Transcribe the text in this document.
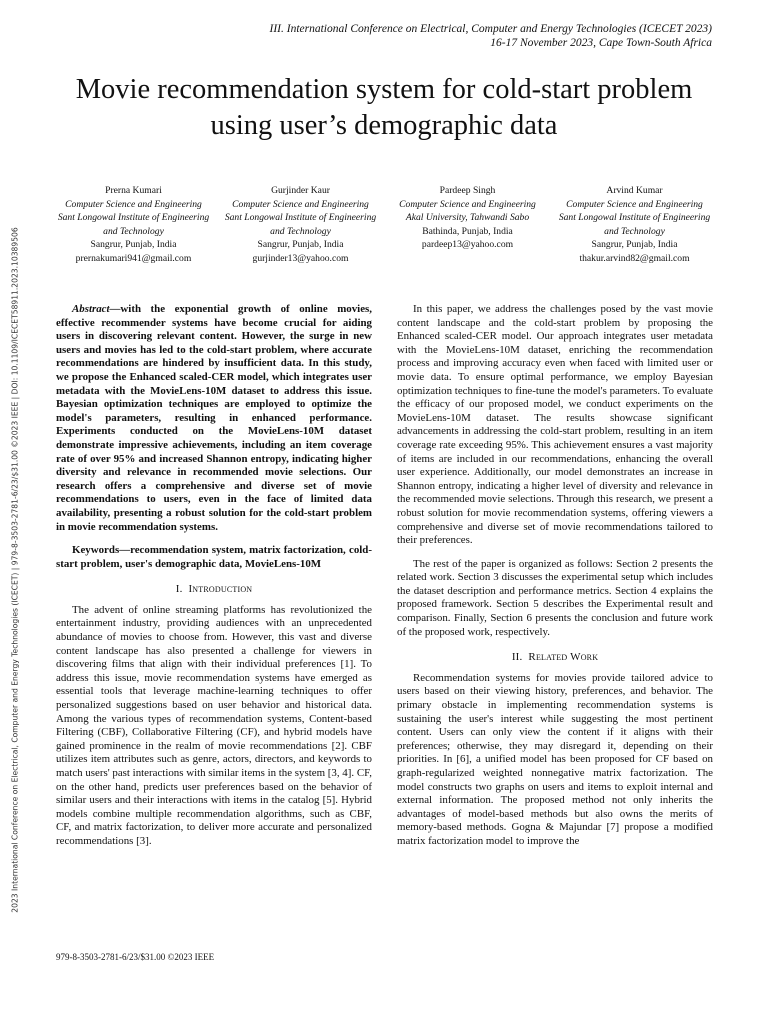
III. International Conference on Electrical, Computer and Energy Technologies (ICECET 2023)
16-17 November 2023, Cape Town-South Africa
Movie recommendation system for cold-start problem
using user’s demographic data
2023 International Conference on Electrical, Computer and Energy Technologies (ICECET) | 979-8-3503-2781-6/23/$31.00 ©2023 IEEE | DOI: 10.1109/ICECET58911.2023.10389506
Prerna Kumari
Computer Science and Engineering
Sant Longowal Institute of Engineering and Technology
Sangrur, Punjab, India
prernakumari941@gmail.com
Gurjinder Kaur
Computer Science and Engineering
Sant Longowal Institute of Engineering and Technology
Sangrur, Punjab, India
gurjinder13@yahoo.com
Pardeep Singh
Computer Science and Engineering
Akal University, Tahwandi Sabo
Bathinda, Punjab, India
pardeep13@yahoo.com
Arvind Kumar
Computer Science and Engineering
Sant Longowal Institute of Engineering and Technology
Sangrur, Punjab, India
thakur.arvind82@gmail.com

Abstract—with the exponential growth of online movies, effective recommender systems have become crucial for aiding users in discovering relevant content. However, the surge in new users and movies has led to the cold-start problem, where accurate recommendations are hindered by insufficient data. In this study, we propose the Enhanced scaled-CER model, which integrates user metadata with the MovieLens-10M dataset to address this issue. Bayesian optimization techniques are employed to optimize the model's parameters, resulting in enhanced performance. Experiments conducted on the MovieLens-10M dataset demonstrate impressive achievements, including an item coverage rate of over 95% and increased Shannon entropy, indicating higher diversity and relevance in recommended movie selections. Our research offers a comprehensive and diverse set of movie recommendations to users, even in the face of limited data availability, presenting a robust solution for the cold-start problem in movie recommendation systems.

Keywords—recommendation system, matrix factorization, cold-start problem, user's demographic data, MovieLens-10M

I. Introduction

The advent of online streaming platforms has revolutionized the entertainment industry, providing audiences with an unprecedented abundance of movies to choose from. However, this vast and diverse content landscape has also presented a challenge for viewers in discovering films that align with their individual preferences [1]. To address this issue, movie recommendation systems have emerged as essential tools that leverage machine-learning techniques to offer personalized suggestions based on user behavior and historical data. Among the various types of recommendation systems, Content-based Filtering (CBF), Collaborative Filtering (CF), and hybrid models have gained prominence in the realm of movie recommendations [2]. CBF utilizes item attributes such as genre, actors, directors, and keywords to match users' past interactions with similar items in the system [3, 4]. CF, on the other hand, predicts user preferences based on the behavior of similar users and their interactions with items in the catalog [5]. Hybrid models combine multiple recommendation algorithms, such as CBF, CF, and matrix factorization, to deliver more accurate and personalized recommendations [3].

In this paper, we address the challenges posed by the vast movie content landscape and the cold-start problem by proposing the Enhanced scaled-CER model. Our approach integrates user metadata with the MovieLens-10M dataset, enriching the recommendation process and improving accuracy even when faced with limited user or movie data. To ensure optimal performance, we employ Bayesian optimization techniques to fine-tune the model's parameters. To evaluate the efficacy of our proposed model, we conduct experiments on the MovieLens-10M dataset. The results showcase significant advancements in addressing the cold-start problem, resulting in an item coverage rate exceeding 95%. This achievement ensures a vast majority of items are included in our recommendations, enhancing the overall user experience. Additionally, our model demonstrates an increase in Shannon entropy, indicating a higher level of diversity and relevance in the recommended movie selections. Through this research, we present a robust solution for movie recommendation systems, offering viewers a comprehensive and diverse set of movie recommendations tailored to their preferences.

The rest of the paper is organized as follows: Section 2 presents the related work. Section 3 discusses the experimental setup which includes the dataset description and performance metrics. Section 4 explains the proposed framework. Section 5 describes the Experimental result and comparison. Finally, Section 6 presents the conclusion and future work of the proposed work, respectively.

II. Related Work

Recommendation systems for movies provide tailored advice to users based on their viewing history, preferences, and behavior. The primary obstacle in implementing recommendation systems is sustaining the user's interest while suggesting the most pertinent content. Users can only view the content if it aligns with their preferences; otherwise, they may disregard it, depending on their priorities. In [6], a unified model has been proposed for CF based on graph-regularized weighted nonnegative matrix factorization. The model constructs two graphs on users and items to exploit internal and external information. The proposed method not only inherits the advantages of model-based methods but also owns the merits of memory-based methods. Gogna & Majundar [7] propose a modified matrix factorization model to improve the

979-8-3503-2781-6/23/$31.00 ©2023 IEEE
